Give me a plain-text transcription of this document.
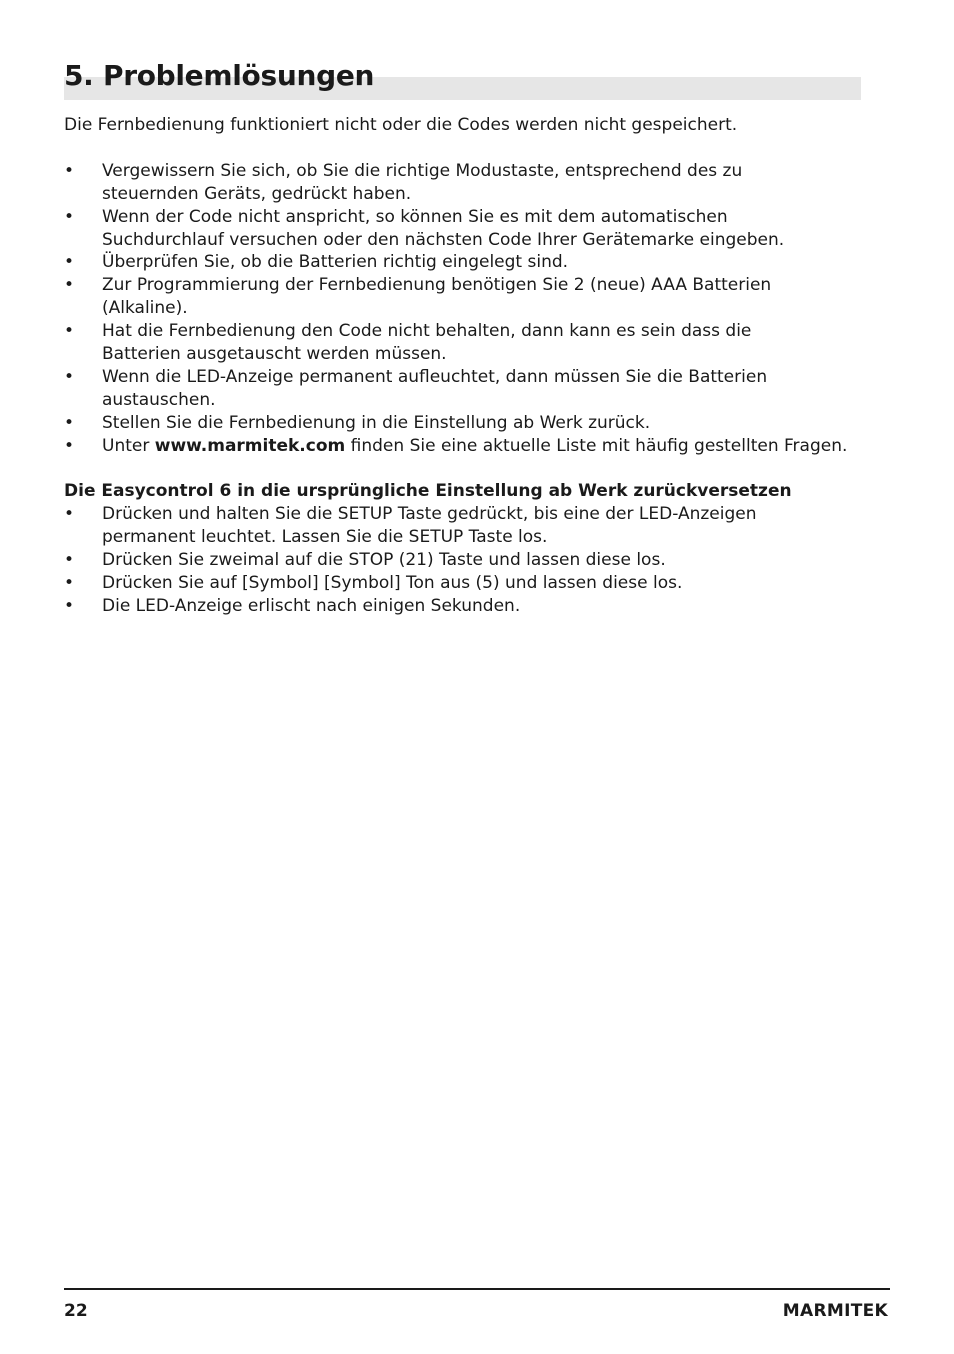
5. Problemlösungen

Die Fernbedienung funktioniert nicht oder die Codes werden nicht gespeichert.

• Vergewissern Sie sich, ob Sie die richtige Modustaste, entsprechend des zu
steuernden Geräts, gedrückt haben.
• Wenn der Code nicht anspricht, so können Sie es mit dem automatischen
Suchdurchlauf versuchen oder den nächsten Code Ihrer Gerätemarke eingeben.
• Überprüfen Sie, ob die Batterien richtig eingelegt sind.
• Zur Programmierung der Fernbedienung benötigen Sie 2 (neue) AAA Batterien
(Alkaline).
• Hat die Fernbedienung den Code nicht behalten, dann kann es sein dass die
Batterien ausgetauscht werden müssen.
• Wenn die LED-Anzeige permanent aufleuchtet, dann müssen Sie die Batterien
austauschen.
• Stellen Sie die Fernbedienung in die Einstellung ab Werk zurück.
• Unter www.marmitek.com finden Sie eine aktuelle Liste mit häufig gestellten Fragen.

Die Easycontrol 6 in die ursprüngliche Einstellung ab Werk zurückversetzen

• Drücken und halten Sie die SETUP Taste gedrückt, bis eine der LED-Anzeigen
permanent leuchtet. Lassen Sie die SETUP Taste los.
• Drücken Sie zweimal auf die STOP (21) Taste und lassen diese los.
• Drücken Sie auf [Symbol] [Symbol] Ton aus (5) und lassen diese los.
• Die LED-Anzeige erlischt nach einigen Sekunden.
22	MARMITEK
